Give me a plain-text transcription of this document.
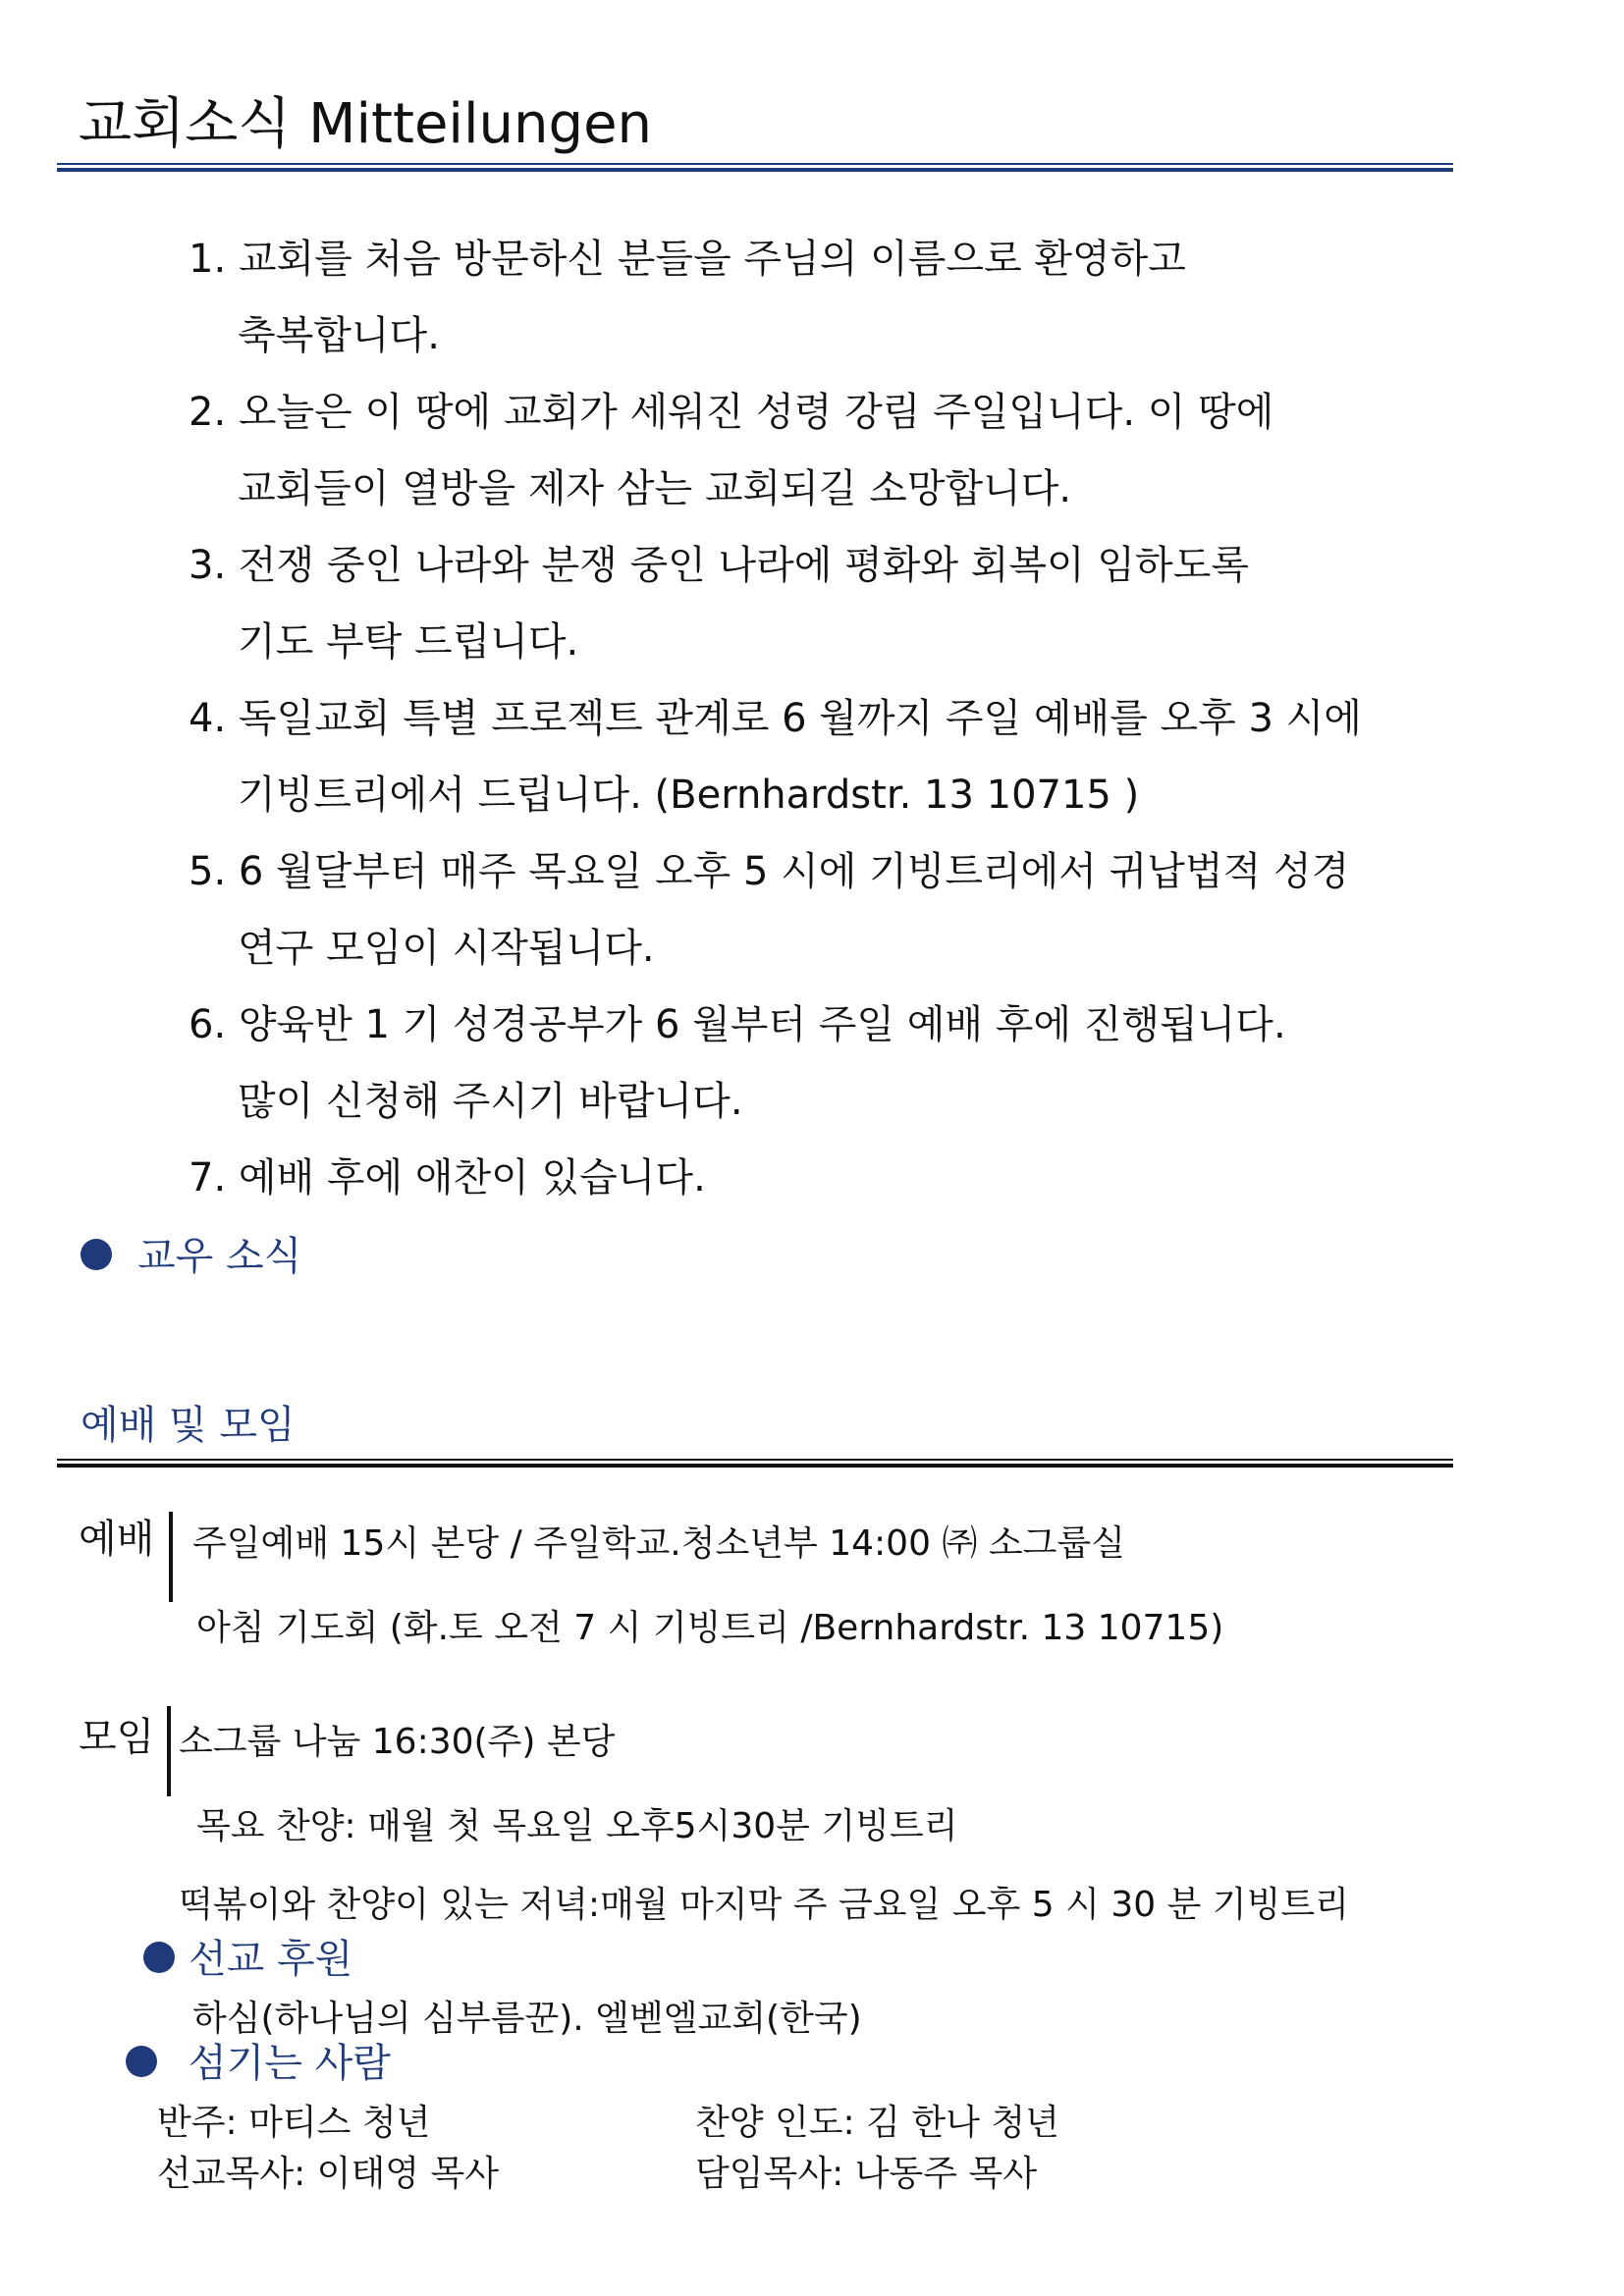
교회소식 Mitteilungen
1. 교회를 처음 방문하신 분들을 주님의 이름으로 환영하고
축복합니다.
2. 오늘은 이 땅에 교회가 세워진 성령 강림 주일입니다. 이 땅에
교회들이 열방을 제자 삼는 교회되길 소망합니다.
3. 전쟁 중인 나라와 분쟁 중인 나라에 평화와 회복이 임하도록
기도 부탁 드립니다.
4. 독일교회 특별 프로젝트 관계로 6 월까지 주일 예배를 오후 3 시에
기빙트리에서 드립니다. (Bernhardstr. 13 10715 )
5. 6 월달부터 매주 목요일 오후 5 시에 기빙트리에서 귀납법적 성경
연구 모임이 시작됩니다.
6. 양육반 1 기 성경공부가 6 월부터 주일 예배 후에 진행됩니다.
많이 신청해 주시기 바랍니다.
7. 예배 후에 애찬이 있습니다.
교우 소식
예배 및 모임
예배 주일예배 15시 본당 / 주일학교.청소년부 14:00 ㈜ 소그룹실
아침 기도회 (화.토 오전 7 시 기빙트리 /Bernhardstr. 13 10715)
모임 소그룹 나눔 16:30(주) 본당
목요 찬양: 매월 첫 목요일 오후5시30분 기빙트리
떡볶이와 찬양이 있는 저녁:매월 마지막 주 금요일 오후 5 시 30 분 기빙트리
선교 후원
하심(하나님의 심부름꾼). 엘벧엘교회(한국)
섬기는 사람
반주: 마티스 청년	찬양 인도: 김 한나 청년
선교목사: 이태영 목사	담임목사: 나동주 목사
